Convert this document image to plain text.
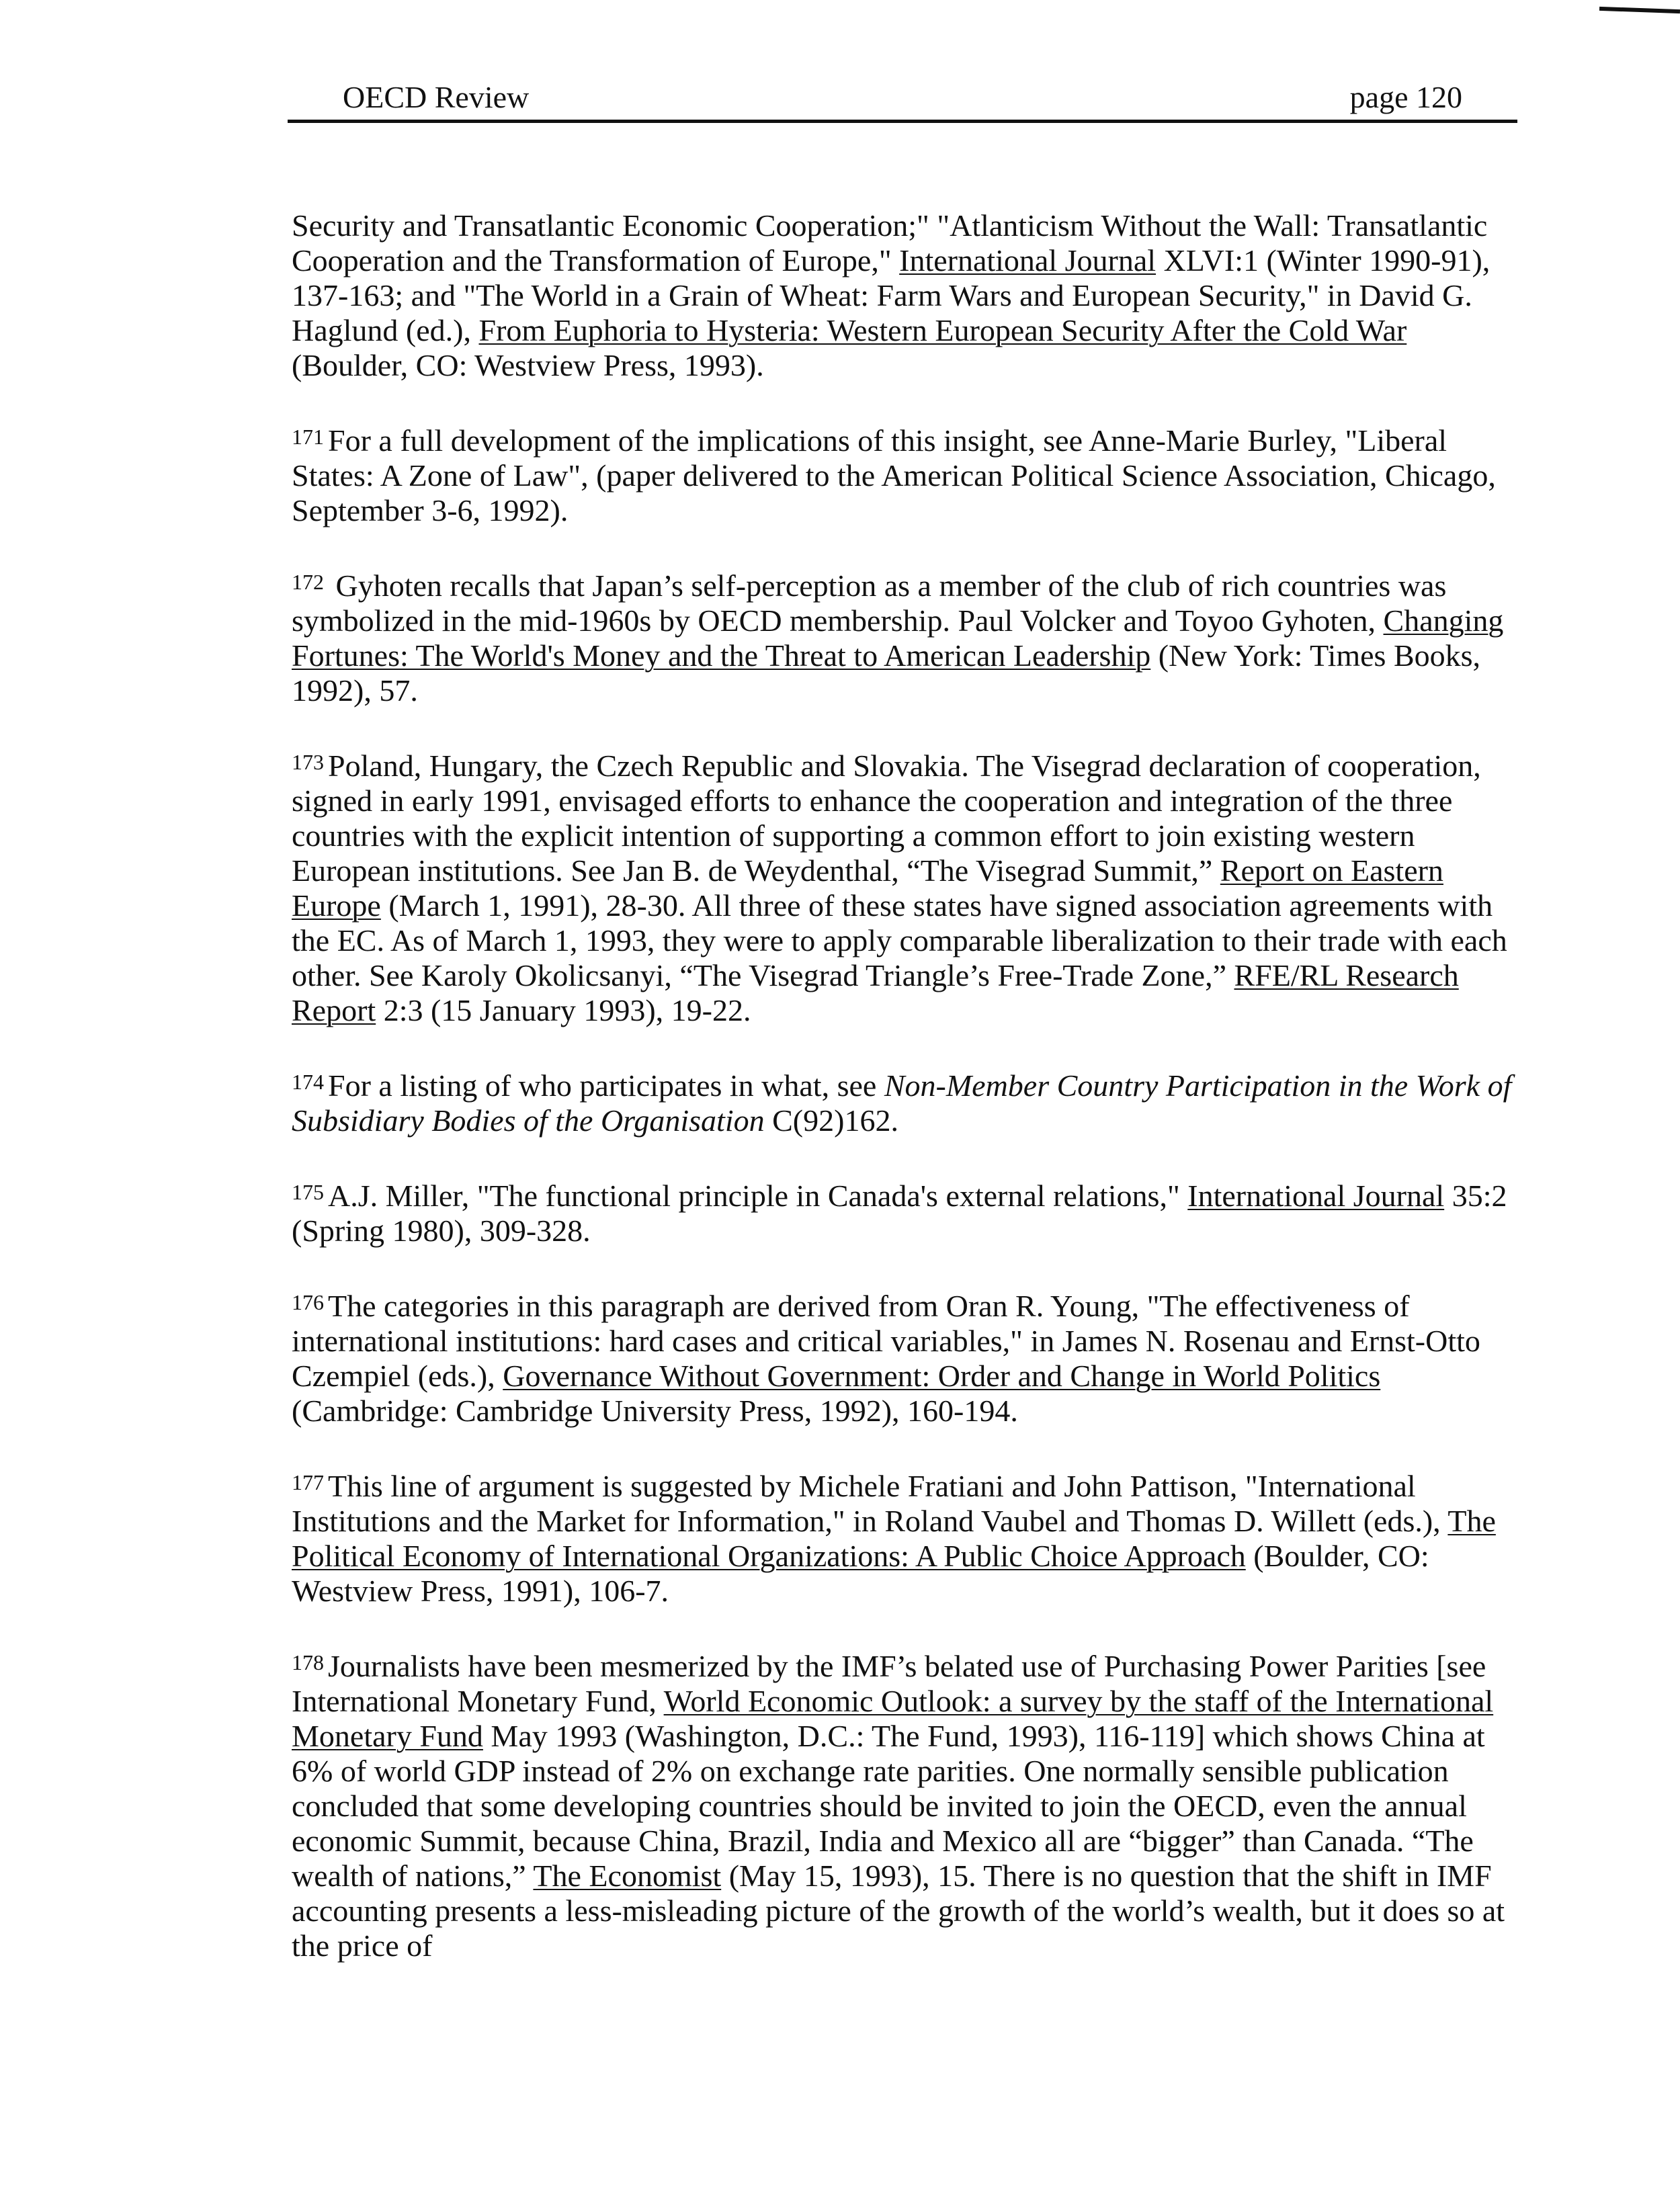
OECD Review	page 120

Security and Transatlantic Economic Cooperation;" "Atlanticism Without the Wall: Transatlantic Cooperation and the Transformation of Europe," International Journal XLVI:1 (Winter 1990-91), 137-163; and "The World in a Grain of Wheat: Farm Wars and European Security," in David G. Haglund (ed.), From Euphoria to Hysteria: Western European Security After the Cold War (Boulder, CO: Westview Press, 1993).

$^{171}$ For a full development of the implications of this insight, see Anne-Marie Burley, "Liberal States: A Zone of Law", (paper delivered to the American Political Science Association, Chicago, September 3-6, 1992).

$^{172}$ Gyhoten recalls that Japan’s self-perception as a member of the club of rich countries was symbolized in the mid-1960s by OECD membership. Paul Volcker and Toyoo Gyhoten, Changing Fortunes: The World's Money and the Threat to American Leadership (New York: Times Books, 1992), 57.

$^{173}$ Poland, Hungary, the Czech Republic and Slovakia. The Visegrad declaration of cooperation, signed in early 1991, envisaged efforts to enhance the cooperation and integration of the three countries with the explicit intention of supporting a common effort to join existing western European institutions. See Jan B. de Weydenthal, “The Visegrad Summit,” Report on Eastern Europe (March 1, 1991), 28-30. All three of these states have signed association agreements with the EC. As of March 1, 1993, they were to apply comparable liberalization to their trade with each other. See Karoly Okolicsanyi, “The Visegrad Triangle’s Free-Trade Zone,” RFE/RL Research Report 2:3 (15 January 1993), 19-22.

$^{174}$ For a listing of who participates in what, see Non-Member Country Participation in the Work of Subsidiary Bodies of the Organisation C(92)162.

$^{175}$ A.J. Miller, "The functional principle in Canada's external relations," International Journal 35:2 (Spring 1980), 309-328.

$^{176}$ The categories in this paragraph are derived from Oran R. Young, "The effectiveness of international institutions: hard cases and critical variables," in James N. Rosenau and Ernst-Otto Czempiel (eds.), Governance Without Government: Order and Change in World Politics (Cambridge: Cambridge University Press, 1992), 160-194.

$^{177}$ This line of argument is suggested by Michele Fratiani and John Pattison, "International Institutions and the Market for Information," in Roland Vaubel and Thomas D. Willett (eds.), The Political Economy of International Organizations: A Public Choice Approach (Boulder, CO: Westview Press, 1991), 106-7.

$^{178}$ Journalists have been mesmerized by the IMF’s belated use of Purchasing Power Parities [see International Monetary Fund, World Economic Outlook: a survey by the staff of the International Monetary Fund May 1993 (Washington, D.C.: The Fund, 1993), 116-119] which shows China at 6% of world GDP instead of 2% on exchange rate parities. One normally sensible publication concluded that some developing countries should be invited to join the OECD, even the annual economic Summit, because China, Brazil, India and Mexico all are “bigger” than Canada. “The wealth of nations,” The Economist (May 15, 1993), 15. There is no question that the shift in IMF accounting presents a less-misleading picture of the growth of the world’s wealth, but it does so at the price of
